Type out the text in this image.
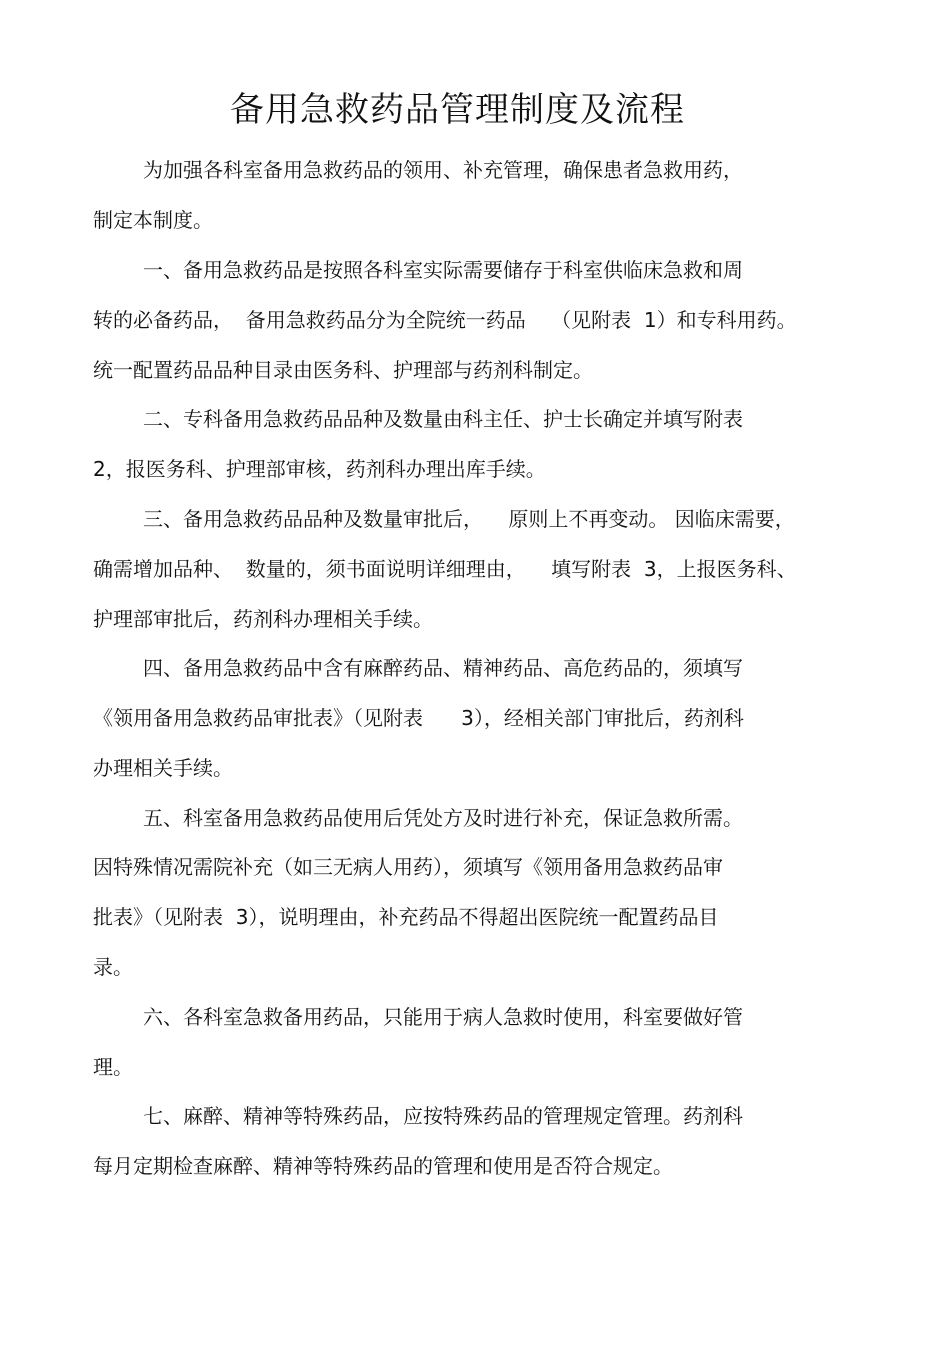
备用急救药品管理制度及流程
为加强各科室备用急救药品的领用、补充管理，确保患者急救用药，
制定本制度。
一、备用急救药品是按照各科室实际需要储存于科室供临床急救和周
转的必备药品，  备用急救药品分为全院统一药品    （见附表  1）和专科用药。
统一配置药品品种目录由医务科、护理部与药剂科制定。
二、专科备用急救药品品种及数量由科主任、护士长确定并填写附表
2，报医务科、护理部审核，药剂科办理出库手续。
三、备用急救药品品种及数量审批后，    原则上不再变动。 因临床需要，
确需增加品种、  数量的，须书面说明详细理由，    填写附表  3，上报医务科、
护理部审批后，药剂科办理相关手续。
四、备用急救药品中含有麻醉药品、精神药品、高危药品的，须填写
《领用备用急救药品审批表》（见附表      3），经相关部门审批后，药剂科
办理相关手续。
五、科室备用急救药品使用后凭处方及时进行补充，保证急救所需。
因特殊情况需院补充（如三无病人用药），须填写《领用备用急救药品审
批表》（见附表  3），说明理由，补充药品不得超出医院统一配置药品目
录。
六、各科室急救备用药品，只能用于病人急救时使用，科室要做好管
理。
七、麻醉、精神等特殊药品，应按特殊药品的管理规定管理。药剂科
每月定期检查麻醉、精神等特殊药品的管理和使用是否符合规定。
